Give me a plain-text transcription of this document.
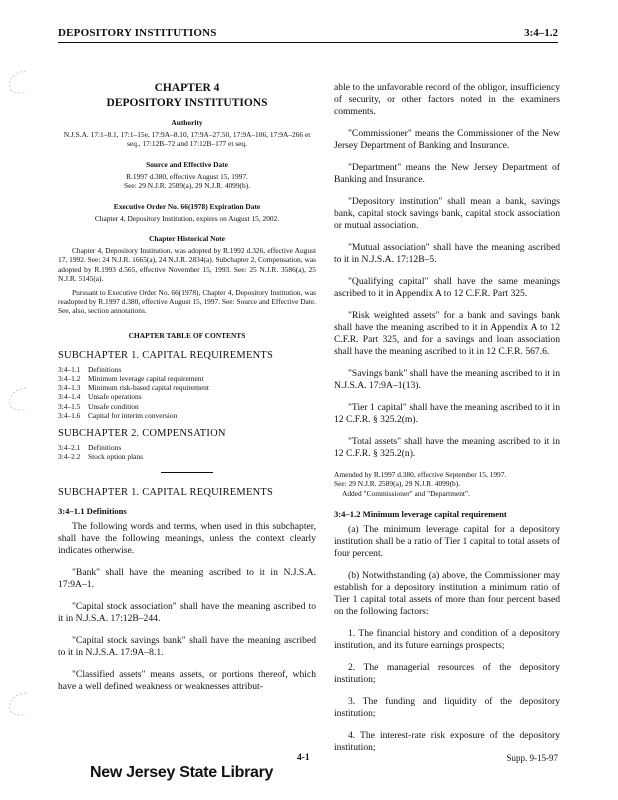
DEPOSITORY INSTITUTIONS	3:4–1.2

CHAPTER 4

DEPOSITORY INSTITUTIONS

Authority

N.J.S.A. 17:1–8.1, 17:1–15e, 17:9A–8.10, 17:9A–27.50, 17:9A–106, 17:9A–266 et seq., 17:12B–72 and 17:12B–177 et seq.

Source and Effective Date

R.1997 d.380, effective August 15, 1997.

See: 29 N.J.R. 2589(a), 29 N.J.R. 4099(b).

Executive Order No. 66(1978) Expiration Date

Chapter 4, Depository Institution, expires on August 15, 2002.

Chapter Historical Note

Chapter 4, Depository Institution, was adopted by R.1992 d.326, effective August 17, 1992. See: 24 N.J.R. 1665(a), 24 N.J.R. 2834(a). Subchapter 2, Compensation, was adopted by R.1993 d.565, effective November 15, 1993. See: 25 N.J.R. 3586(a), 25 N.J.R. 5145(a).

Pursuant to Executive Order No. 66(1978), Chapter 4, Depository Institution, was readopted by R.1997 d.380, effective August 15, 1997. See: Source and Effective Date. See, also, section annotations.

CHAPTER TABLE OF CONTENTS

SUBCHAPTER 1. CAPITAL REQUIREMENTS

3:4–1.1 Definitions
3:4–1.2 Minimum leverage capital requirement
3:4–1.3 Minimum risk-based capital requirement
3:4–1.4 Unsafe operations
3:4–1.5 Unsafe condition
3:4–1.6 Capital for interim conversion

SUBCHAPTER 2. COMPENSATION

3:4–2.1 Definitions
3:4–2.2 Stock option plans

SUBCHAPTER 1. CAPITAL REQUIREMENTS

3:4–1.1 Definitions

The following words and terms, when used in this subchapter, shall have the following meanings, unless the context clearly indicates otherwise.

"Bank" shall have the meaning ascribed to it in N.J.S.A. 17:9A–1.

"Capital stock association" shall have the meaning ascribed to it in N.J.S.A. 17:12B–244.

"Capital stock savings bank" shall have the meaning ascribed to it in N.J.S.A. 17:9A–8.1.

"Classified assets" means assets, or portions thereof, which have a well defined weakness or weaknesses attribut-

able to the unfavorable record of the obligor, insufficiency of security, or other factors noted in the examiners comments.

"Commissioner" means the Commissioner of the New Jersey Department of Banking and Insurance.

"Department" means the New Jersey Department of Banking and Insurance.

"Depository institution" shall mean a bank, savings bank, capital stock savings bank, capital stock association or mutual association.

"Mutual association" shall have the meaning ascribed to it in N.J.S.A. 17:12B–5.

"Qualifying capital" shall have the same meanings ascribed to it in Appendix A to 12 C.F.R. Part 325.

"Risk weighted assets" for a bank and savings bank shall have the meaning ascribed to it in Appendix A to 12 C.F.R. Part 325, and for a savings and loan association shall have the meaning ascribed to it in 12 C.F.R. 567.6.

"Savings bank" shall have the meaning ascribed to it in N.J.S.A. 17:9A–1(13).

"Tier 1 capital" shall have the meaning ascribed to it in 12 C.F.R. § 325.2(m).

"Total assets" shall have the meaning ascribed to it in 12 C.F.R. § 325.2(n).

Amended by R.1997 d.380, effective September 15, 1997.

See: 29 N.J.R. 2589(a), 29 N.J.R. 4099(b).

Added "Commissioner" and "Department".

3:4–1.2 Minimum leverage capital requirement

(a) The minimum leverage capital for a depository institution shall be a ratio of Tier 1 capital to total assets of four percent.

(b) Notwithstanding (a) above, the Commissioner may establish for a depository institution a minimum ratio of Tier 1 capital total assets of more than four percent based on the following factors:

1. The financial history and condition of a depository institution, and its future earnings prospects;

2. The managerial resources of the depository institution;

3. The funding and liquidity of the depository institution;

4. The interest-rate risk exposure of the depository institution;

4-1	Supp. 9-15-97
New Jersey State Library
